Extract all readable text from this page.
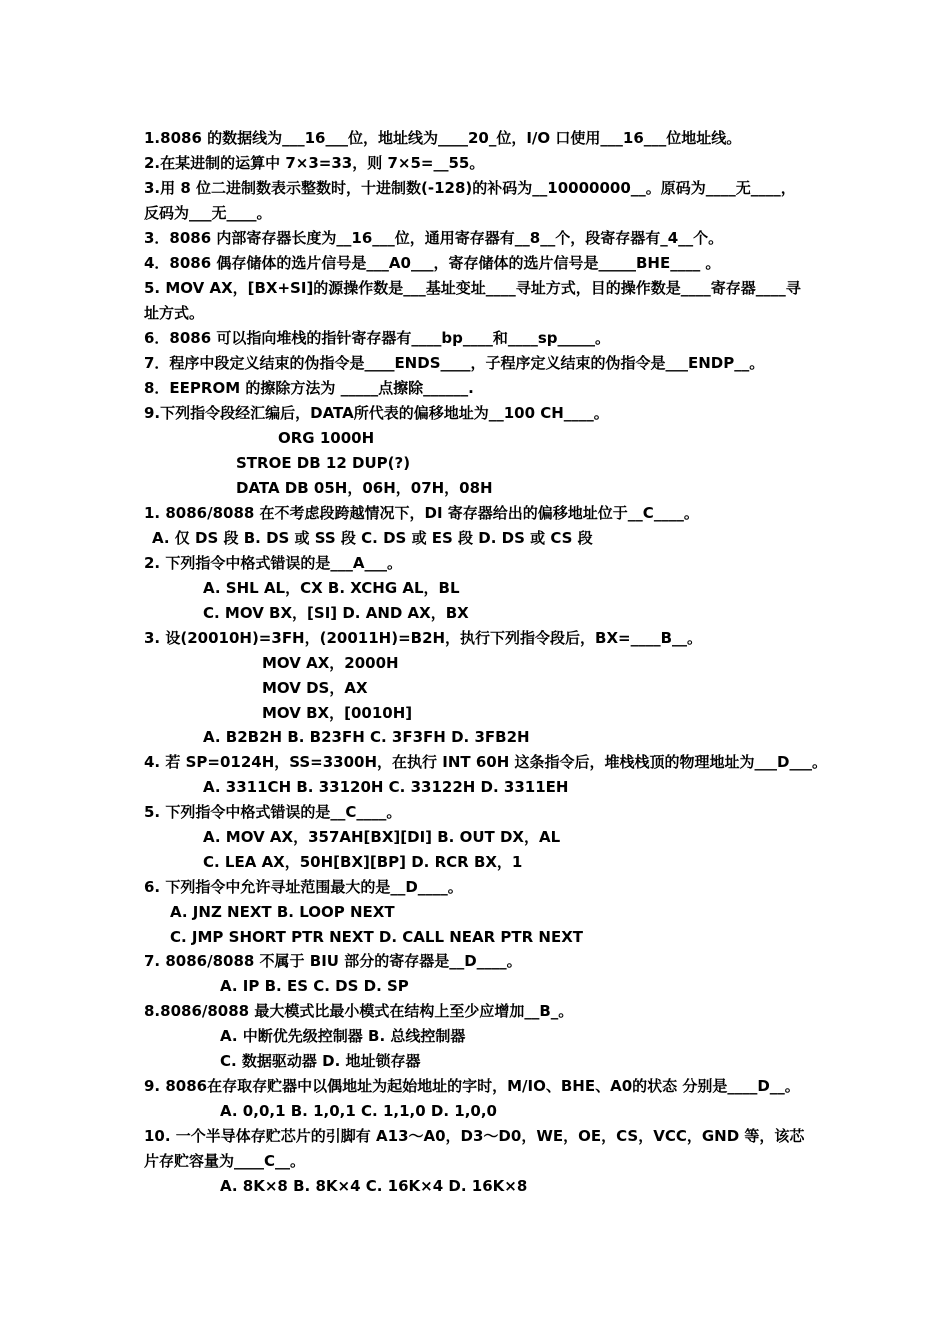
1.8086 的数据线为___16___位，地址线为____20_位，I/O 口使用___16___位地址线。
2.在某进制的运算中 7×3=33，则 7×5=__55。
3.用 8 位二进制数表示整数时，十进制数(-128)的补码为__10000000__。原码为____无____，
反码为___无____。
3．8086 内部寄存器长度为__16___位，通用寄存器有__8__个，段寄存器有_4__个。
4．8086 偶存储体的选片信号是___A0___，寄存储体的选片信号是_____BHE____ 。
5. MOV AX，[BX+SI]的源操作数是___基址变址____寻址方式，目的操作数是____寄存器____寻
址方式。
6．8086 可以指向堆栈的指针寄存器有____bp____和____sp_____。
7．程序中段定义结束的伪指令是____ENDS____，子程序定义结束的伪指令是___ENDP__。
8．EEPROM 的擦除方法为 _____点擦除______.
9.下列指令段经汇编后，DATA所代表的偏移地址为__100 CH____。
ORG 1000H
STROE DB 12 DUP(?)
DATA DB 05H，06H，07H，08H
1. 8086/8088 在不考虑段跨越情况下，DI 寄存器给出的偏移地址位于__C____。
A. 仅 DS 段 B. DS 或 SS 段 C. DS 或 ES 段 D. DS 或 CS 段
2. 下列指令中格式错误的是___A___。
A. SHL AL，CX B. XCHG AL，BL
C. MOV BX，[SI] D. AND AX，BX
3. 设(20010H)=3FH，(20011H)=B2H，执行下列指令段后，BX=____B__。
MOV AX，2000H
MOV DS，AX
MOV BX，[0010H]
A. B2B2H B. B23FH C. 3F3FH D. 3FB2H
4. 若 SP=0124H，SS=3300H，在执行 INT 60H 这条指令后，堆栈栈顶的物理地址为___D___。
A. 3311CH B. 33120H C. 33122H D. 3311EH
5. 下列指令中格式错误的是__C____。
A. MOV AX，357AH[BX][DI] B. OUT DX，AL
C. LEA AX，50H[BX][BP] D. RCR BX，1
6. 下列指令中允许寻址范围最大的是__D____。
A. JNZ NEXT B. LOOP NEXT
C. JMP SHORT PTR NEXT D. CALL NEAR PTR NEXT
7. 8086/8088 不属于 BIU 部分的寄存器是__D____。
A. IP B. ES C. DS D. SP
8.8086/8088 最大模式比最小模式在结构上至少应增加__B_。
A. 中断优先级控制器 B. 总线控制器
C. 数据驱动器 D. 地址锁存器
9. 8086在存取存贮器中以偶地址为起始地址的字时，M/IO、BHE、A0的状态 分别是____D__。
A. 0,0,1 B. 1,0,1 C. 1,1,0 D. 1,0,0
10. 一个半导体存贮芯片的引脚有 A13～A0，D3～D0，WE，OE，CS，VCC，GND 等，该芯
片存贮容量为____C__。
A. 8K×8 B. 8K×4 C. 16K×4 D. 16K×8
